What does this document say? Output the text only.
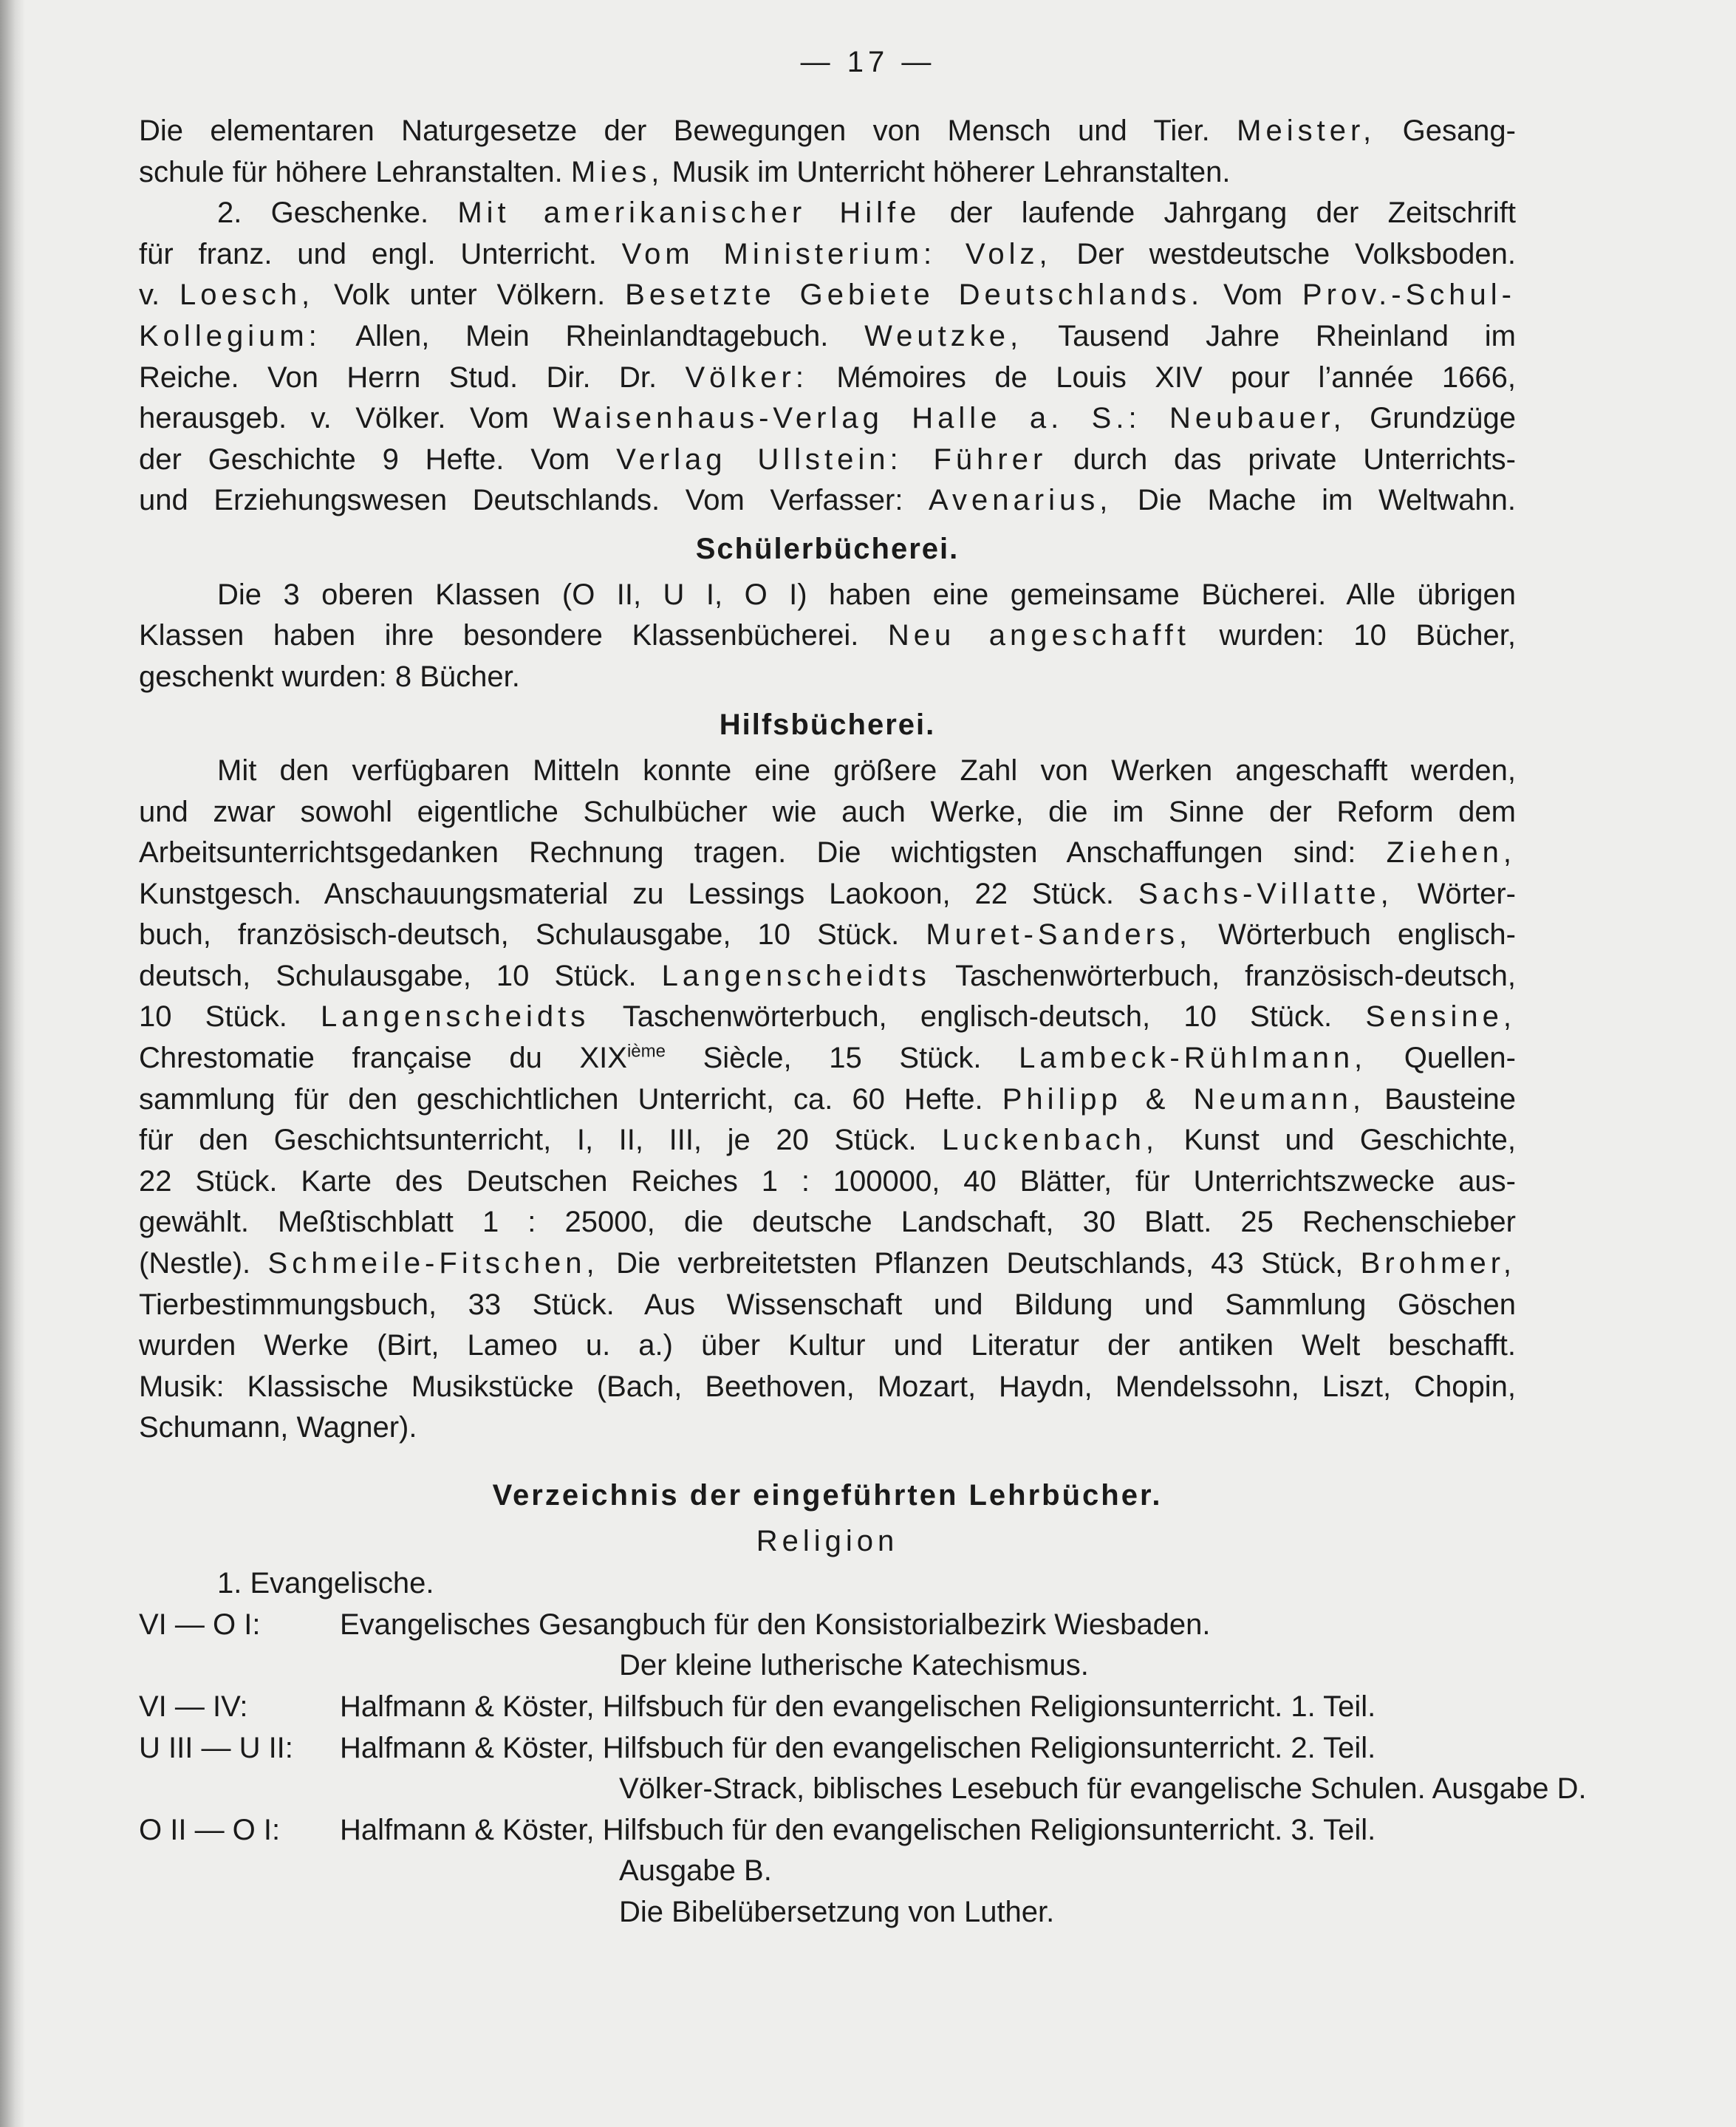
— 17 —

Die elementaren Naturgesetze der Bewegungen von Mensch und Tier. Meister, Gesang-

schule für höhere Lehranstalten. Mies, Musik im Unterricht höherer Lehranstalten.

2. Geschenke. Mit amerikanischer Hilfe der laufende Jahrgang der Zeitschrift

für franz. und engl. Unterricht. Vom Ministerium: Volz, Der westdeutsche Volksboden.

v. Loesch, Volk unter Völkern. Besetzte Gebiete Deutschlands. Vom Prov.-Schul-

Kollegium: Allen, Mein Rheinlandtagebuch. Weutzke, Tausend Jahre Rheinland im

Reiche. Von Herrn Stud. Dir. Dr. Völker: Mémoires de Louis XIV pour l’année 1666,

herausgeb. v. Völker. Vom Waisenhaus-Verlag Halle a. S.: Neubauer, Grundzüge

der Geschichte 9 Hefte. Vom Verlag Ullstein: Führer durch das private Unterrichts-

und Erziehungswesen Deutschlands. Vom Verfasser: Avenarius, Die Mache im Weltwahn.

Schülerbücherei.

Die 3 oberen Klassen (O II, U I, O I) haben eine gemeinsame Bücherei. Alle übrigen

Klassen haben ihre besondere Klassenbücherei. Neu angeschafft wurden: 10 Bücher,

geschenkt wurden: 8 Bücher.

Hilfsbücherei.

Mit den verfügbaren Mitteln konnte eine größere Zahl von Werken angeschafft werden,

und zwar sowohl eigentliche Schulbücher wie auch Werke, die im Sinne der Reform dem

Arbeitsunterrichtsgedanken Rechnung tragen. Die wichtigsten Anschaffungen sind: Ziehen,

Kunstgesch. Anschauungsmaterial zu Lessings Laokoon, 22 Stück. Sachs-Villatte, Wörter-

buch, französisch-deutsch, Schulausgabe, 10 Stück. Muret-Sanders, Wörterbuch englisch-

deutsch, Schulausgabe, 10 Stück. Langenscheidts Taschenwörterbuch, französisch-deutsch,

10 Stück. Langenscheidts Taschenwörterbuch, englisch-deutsch, 10 Stück. Sensine,

Chrestomatie française du XIXième Siècle, 15 Stück. Lambeck-Rühlmann, Quellen-

sammlung für den geschichtlichen Unterricht, ca. 60 Hefte. Philipp & Neumann, Bausteine

für den Geschichtsunterricht, I, II, III, je 20 Stück. Luckenbach, Kunst und Geschichte,

22 Stück. Karte des Deutschen Reiches 1 : 100000, 40 Blätter, für Unterrichtszwecke aus-

gewählt. Meßtischblatt 1 : 25000, die deutsche Landschaft, 30 Blatt. 25 Rechenschieber

(Nestle). Schmeile-Fitschen, Die verbreitetsten Pflanzen Deutschlands, 43 Stück, Brohmer,

Tierbestimmungsbuch, 33 Stück. Aus Wissenschaft und Bildung und Sammlung Göschen

wurden Werke (Birt, Lameo u. a.) über Kultur und Literatur der antiken Welt beschafft.

Musik: Klassische Musikstücke (Bach, Beethoven, Mozart, Haydn, Mendelssohn, Liszt, Chopin,

Schumann, Wagner).

Verzeichnis der eingeführten Lehrbücher.
Religion

1. Evangelische.

VI — O I:	Evangelisches Gesangbuch für den Konsistorialbezirk Wiesbaden.
Der kleine lutherische Katechismus.
VI — IV:	Halfmann & Köster, Hilfsbuch für den evangelischen Religionsunterricht. 1. Teil.
U III — U II:	Halfmann & Köster, Hilfsbuch für den evangelischen Religionsunterricht. 2. Teil.
Völker-Strack, biblisches Lesebuch für evangelische Schulen. Ausgabe D.
O II — O I:	Halfmann & Köster, Hilfsbuch für den evangelischen Religionsunterricht. 3. Teil.
Ausgabe B.
Die Bibelübersetzung von Luther.
